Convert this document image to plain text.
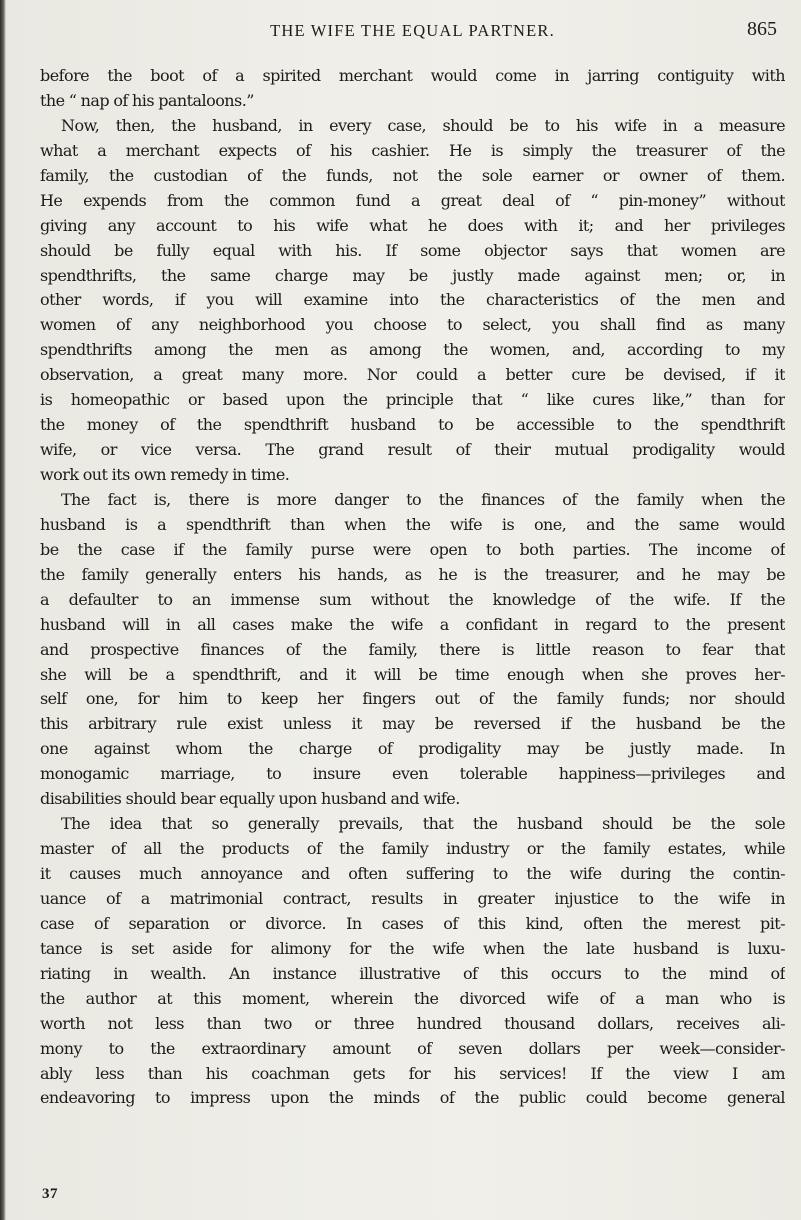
THE WIFE THE EQUAL PARTNER.	865
before the boot of a spirited merchant would come in jarring contiguity with
the “ nap of his pantaloons.”
Now, then, the husband, in every case, should be to his wife in a measure
what a merchant expects of his cashier. He is simply the treasurer of the
family, the custodian of the funds, not the sole earner or owner of them.
He expends from the common fund a great deal of “ pin-money” without
giving any account to his wife what he does with it; and her privileges
should be fully equal with his. If some objector says that women are
spendthrifts, the same charge may be justly made against men; or, in
other words, if you will examine into the characteristics of the men and
women of any neighborhood you choose to select, you shall find as many
spendthrifts among the men as among the women, and, according to my
observation, a great many more. Nor could a better cure be devised, if it
is homeopathic or based upon the principle that “ like cures like,” than for
the money of the spendthrift husband to be accessible to the spendthrift
wife, or vice versa. The grand result of their mutual prodigality would
work out its own remedy in time.
The fact is, there is more danger to the finances of the family when the
husband is a spendthrift than when the wife is one, and the same would
be the case if the family purse were open to both parties. The income of
the family generally enters his hands, as he is the treasurer, and he may be
a defaulter to an immense sum without the knowledge of the wife. If the
husband will in all cases make the wife a confidant in regard to the present
and prospective finances of the family, there is little reason to fear that
she will be a spendthrift, and it will be time enough when she proves her-
self one, for him to keep her fingers out of the family funds; nor should
this arbitrary rule exist unless it may be reversed if the husband be the
one against whom the charge of prodigality may be justly made. In
monogamic marriage, to insure even tolerable happiness—privileges and
disabilities should bear equally upon husband and wife.
The idea that so generally prevails, that the husband should be the sole
master of all the products of the family industry or the family estates, while
it causes much annoyance and often suffering to the wife during the contin-
uance of a matrimonial contract, results in greater injustice to the wife in
case of separation or divorce. In cases of this kind, often the merest pit-
tance is set aside for alimony for the wife when the late husband is luxu-
riating in wealth. An instance illustrative of this occurs to the mind of
the author at this moment, wherein the divorced wife of a man who is
worth not less than two or three hundred thousand dollars, receives ali-
mony to the extraordinary amount of seven dollars per week—consider-
ably less than his coachman gets for his services! If the view I am
endeavoring to impress upon the minds of the public could become general
37
